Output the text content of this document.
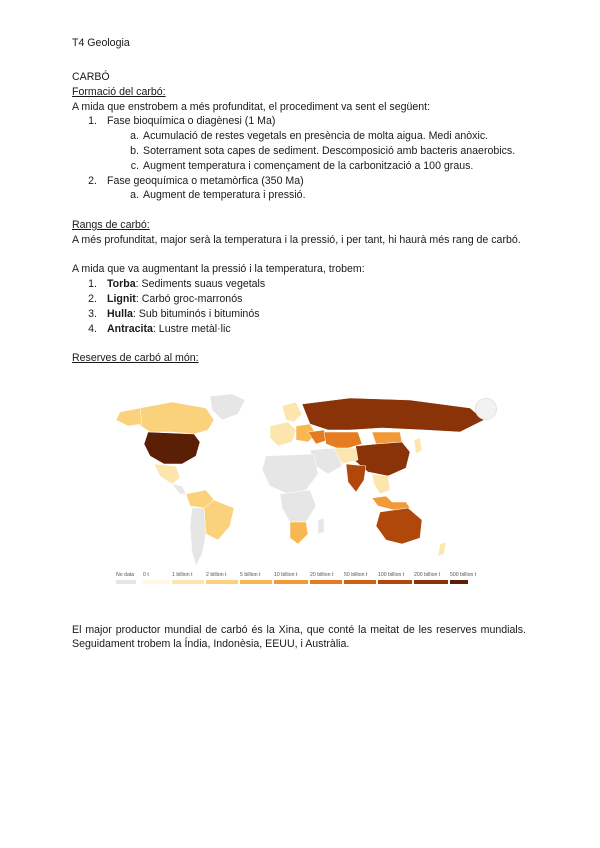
T4 Geologia

CARBÓ

Formació del carbó:

A mida que enstrobem a més profunditat, el procediment va sent el següent:

1. Fase bioquímica o diagènesi (1 Ma)
a. Acumulació de restes vegetals en presència de molta aigua. Medi anòxic.
b. Soterrament sota capes de sediment. Descomposició amb bacteris anaerobics.
c. Augment temperatura i començament de la carbonització a 100 graus.
2. Fase geoquímica o metamòrfica (350 Ma)
a. Augment de temperatura i pressió.

Rangs de carbó:

A més profunditat, major serà la temperatura i la pressió, i per tant, hi haurà més rang de carbó.

A mida que va augmentant la pressió i la temperatura, trobem:

1. Torba: Sediments suaus vegetals
2. Lignit: Carbó groc-marronós
3. Hulla: Sub bituminós i bituminós
4. Antracita: Lustre metàl·lic

Reserves de carbó al món:

No data 0 t	1 billion t	2 billion t	5 billion t	10 billion t 20 billion t 50 billion t 100 billion t 200 billion t 500 billion t

El major productor mundial de carbó és la Xina, que conté la meitat de les reserves mundials. Seguidament trobem la Índia, Indonèsia, EEUU, i Austràlia.
